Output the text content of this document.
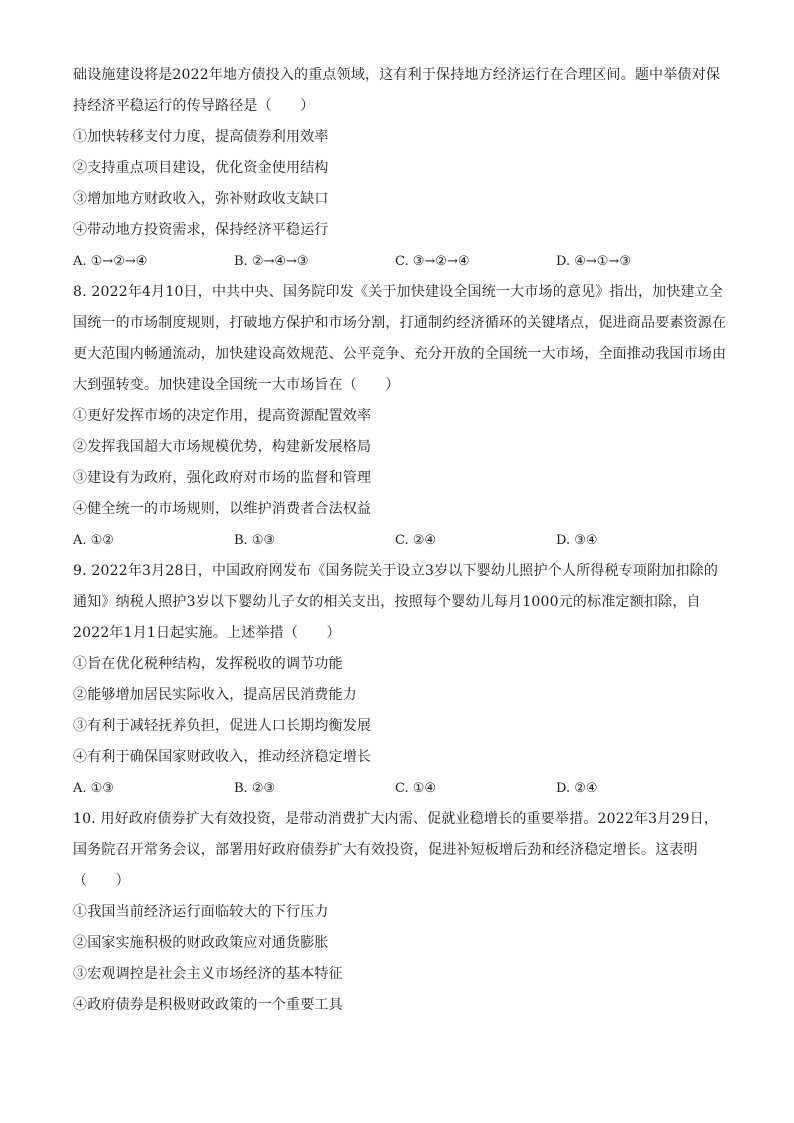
础设施建设将是2022年地方债投入的重点领域，这有利于保持地方经济运行在合理区间。题中举债对保
持经济平稳运行的传导路径是（　　）
①加快转移支付力度，提高债券利用效率
②支持重点项目建设，优化资金使用结构
③增加地方财政收入，弥补财政收支缺口
④带动地方投资需求，保持经济平稳运行
A. ①→②→④	B. ②→④→③	C. ③→②→④	D. ④→①→③
8. 2022年4月10日，中共中央、国务院印发《关于加快建设全国统一大市场的意见》指出，加快建立全
国统一的市场制度规则，打破地方保护和市场分割，打通制约经济循环的关键堵点，促进商品要素资源在
更大范围内畅通流动，加快建设高效规范、公平竞争、充分开放的全国统一大市场，全面推动我国市场由
大到强转变。加快建设全国统一大市场旨在（　　）
①更好发挥市场的决定作用，提高资源配置效率
②发挥我国超大市场规模优势，构建新发展格局
③建设有为政府，强化政府对市场的监督和管理
④健全统一的市场规则，以维护消费者合法权益
A. ①②	B. ①③	C. ②④	D. ③④
9. 2022年3月28日，中国政府网发布《国务院关于设立3岁以下婴幼儿照护个人所得税专项附加扣除的
通知》纳税人照护3岁以下婴幼儿子女的相关支出，按照每个婴幼儿每月1000元的标准定额扣除，自
2022年1月1日起实施。上述举措（　　）
①旨在优化税种结构，发挥税收的调节功能
②能够增加居民实际收入，提高居民消费能力
③有利于减轻抚养负担，促进人口长期均衡发展
④有利于确保国家财政收入，推动经济稳定增长
A. ①③	B. ②③	C. ①④	D. ②④
10. 用好政府债券扩大有效投资，是带动消费扩大内需、促就业稳增长的重要举措。2022年3月29日，
国务院召开常务会议，部署用好政府债券扩大有效投资，促进补短板增后劲和经济稳定增长。这表明
（　　）
①我国当前经济运行面临较大的下行压力
②国家实施积极的财政政策应对通货膨胀
③宏观调控是社会主义市场经济的基本特征
④政府债券是积极财政政策的一个重要工具
